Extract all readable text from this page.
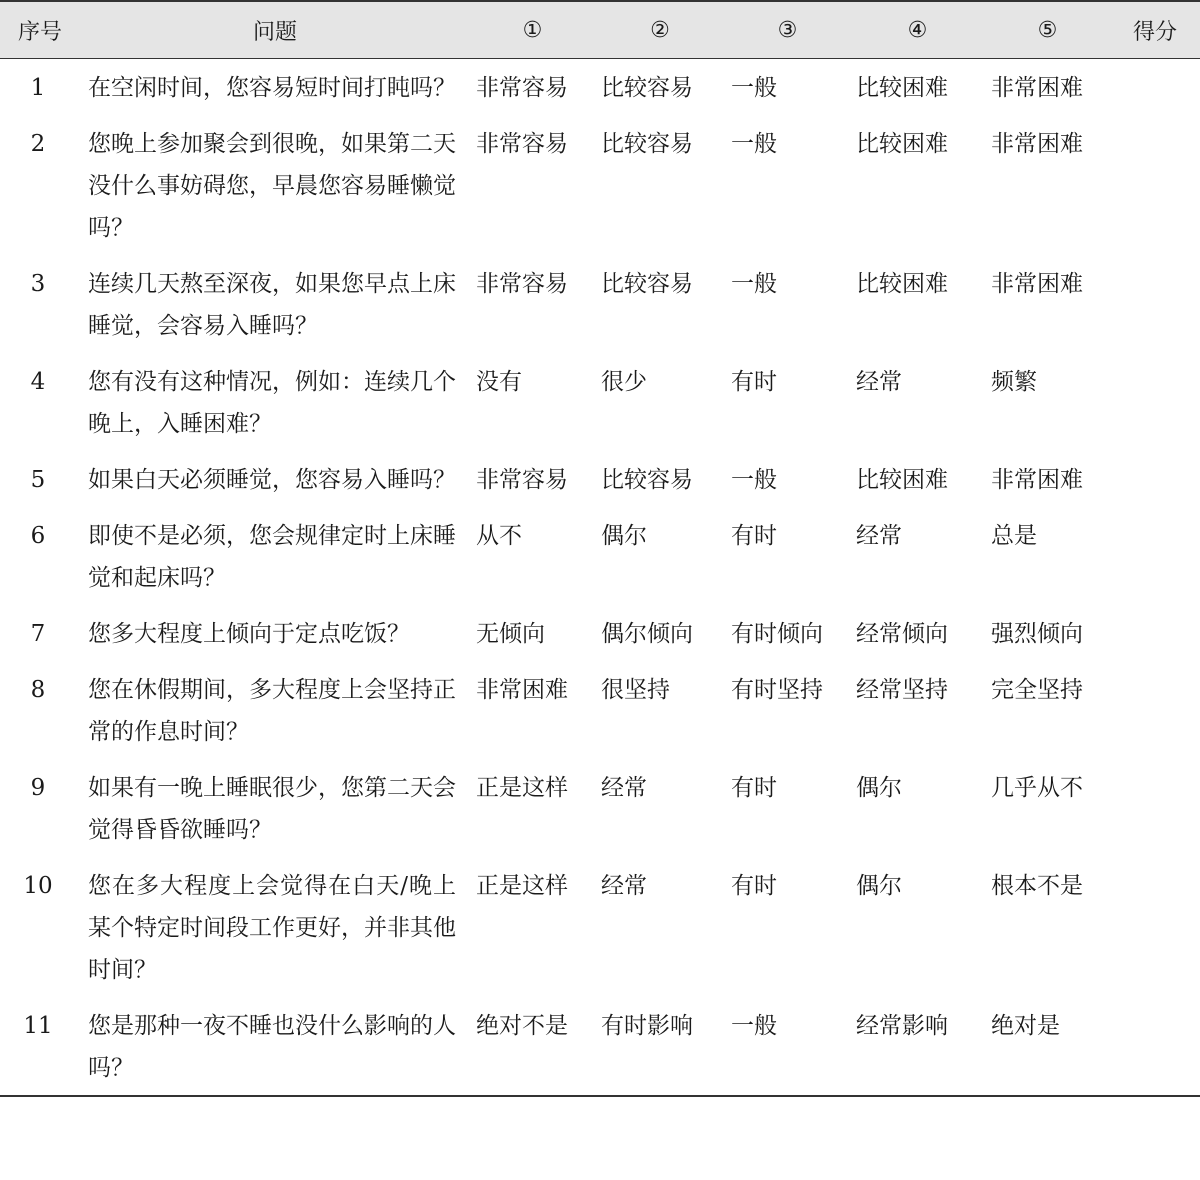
序号	问题	①	②	③	④	⑤	得分
1	在空闲时间，您容易短时间打盹吗？	非常容易	比较容易	一般	比较困难	非常困难	
2	您晚上参加聚会到很晚，如果第二天没什么事妨碍您，早晨您容易睡懒觉吗？	非常容易	比较容易	一般	比较困难	非常困难	
3	连续几天熬至深夜，如果您早点上床睡觉，会容易入睡吗？	非常容易	比较容易	一般	比较困难	非常困难	
4	您有没有这种情况，例如：连续几个晚上，入睡困难？	没有	很少	有时	经常	频繁	
5	如果白天必须睡觉，您容易入睡吗？	非常容易	比较容易	一般	比较困难	非常困难	
6	即使不是必须，您会规律定时上床睡觉和起床吗？	从不	偶尔	有时	经常	总是	
7	您多大程度上倾向于定点吃饭？	无倾向	偶尔倾向	有时倾向	经常倾向	强烈倾向	
8	您在休假期间，多大程度上会坚持正常的作息时间？	非常困难	很坚持	有时坚持	经常坚持	完全坚持	
9	如果有一晚上睡眠很少，您第二天会觉得昏昏欲睡吗？	正是这样	经常	有时	偶尔	几乎从不	
10	您在多大程度上会觉得在白天/晚上某个特定时间段工作更好，并非其他时间？	正是这样	经常	有时	偶尔	根本不是	
11	您是那种一夜不睡也没什么影响的人吗？	绝对不是	有时影响	一般	经常影响	绝对是	
